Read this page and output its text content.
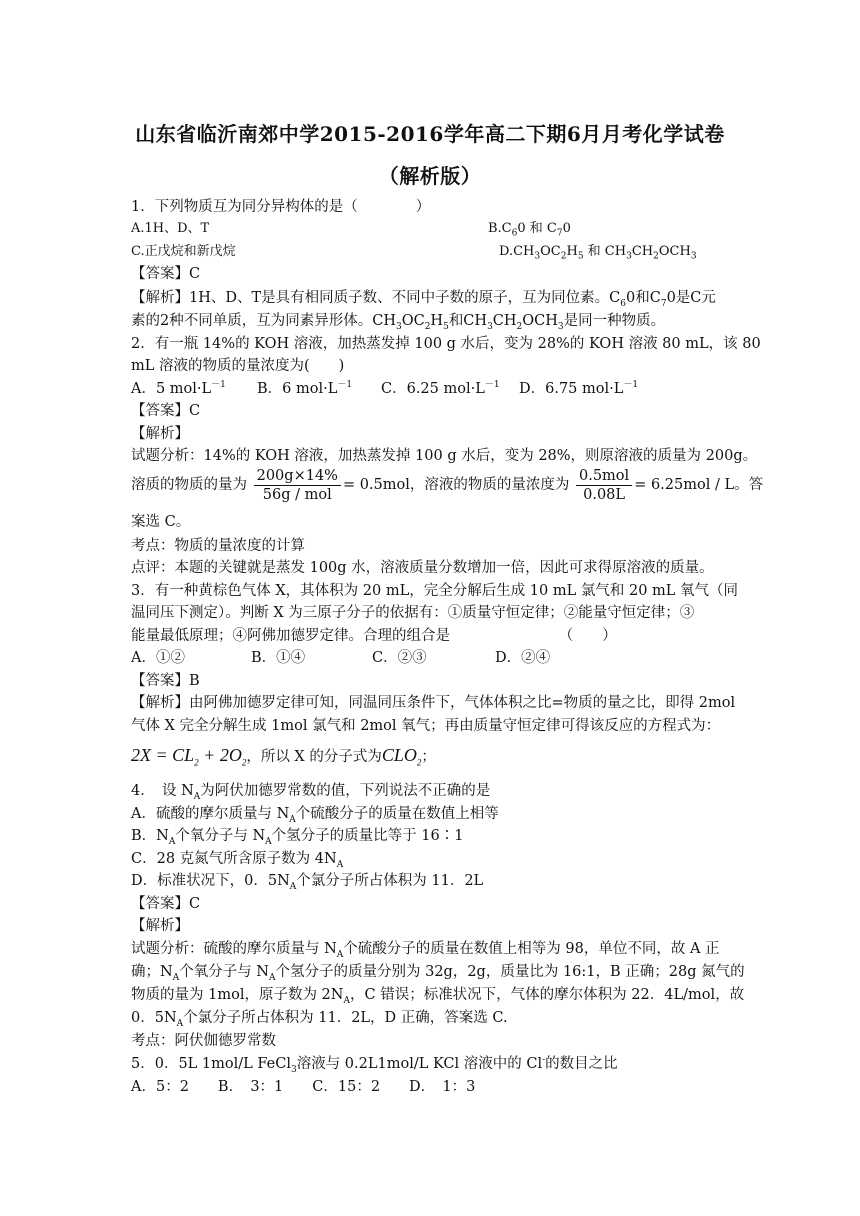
山东省临沂南郊中学2015-2016学年高二下期6月月考化学试卷
（解析版）
1．下列物质互为同分异构体的是（　　　　）
A.1H、D、T	$B.C_60$ 和 $C_70$
C.正戊烷和新戊烷	$D.CH_3OC_2H_5$ 和 $CH_3CH_2OCH_3$
【答案】C
【解析】1H、D、T是具有相同质子数、不同中子数的原子，互为同位素。$C_60$和$C_70$是C元
素的2种不同单质，互为同素异形体。$CH_3OC_2H_5$和$CH_3CH_2OCH_3$是同一种物质。
2．有一瓶 14%的 KOH 溶液，加热蒸发掉 100 g 水后，变为 28%的 KOH 溶液 80 mL，该 80
mL 溶液的物质的量浓度为(　　)
A．5 $mol\cdot L^{-1}$ B．6 $mol\cdot L^{-1}$ C．6.25 $mol\cdot L^{-1}$ D．6.75 $mol\cdot L^{-1}$
【答案】C
【解析】
试题分析：14%的 KOH 溶液，加热蒸发掉 100 g 水后，变为 28%，则原溶液的质量为 200g。
溶质的物质的量为 $\frac{200g\times 14\%}{\text{56g / mol}} = 0.5mol$，溶液的物质的量浓度为 $\frac{\text{0.5mol}}{0.08L} = 6.25mol / L$。答
案选 C。
考点：物质的量浓度的计算
点评：本题的关键就是蒸发 100g 水，溶液质量分数增加一倍，因此可求得原溶液的质量。
3．有一种黄棕色气体 X，其体积为 20 mL，完全分解后生成 10 mL 氯气和 20 mL 氧气（同
温同压下测定）。判断 X 为三原子分子的依据有：①质量守恒定律；②能量守恒定律；③
能量最低原理；④阿佛加德罗定律。合理的组合是　　　　　　　　（　　）
A．①②	B．①④	C．②③	D．②④
【答案】B
【解析】由阿佛加德罗定律可知，同温同压条件下，气体体积之比=物质的量之比，即得 2mol
气体 X 完全分解生成 1mol 氯气和 2mol 氧气；再由质量守恒定律可得该反应的方程式为：
$2X = CL_2 + 2O_2$，所以 X 的分子式为$CLO_2$；
4．　设 $N_A$为阿伏加德罗常数的值，下列说法不正确的是
A．硫酸的摩尔质量与 $N_A$个硫酸分子的质量在数值上相等
B．$N_A$个氧分子与 $N_A$个氢分子的质量比等于 16∶1
C．28 克氮气所含原子数为 $4N_A$
D．标准状况下，0．$5N_A$个氯分子所占体积为 11．2L
【答案】C
【解析】
试题分析：硫酸的摩尔质量与 $N_A$个硫酸分子的质量在数值上相等为 98，单位不同，故 A 正
确；$N_A$个氧分子与 $N_A$个氢分子的质量分别为 32g，2g，质量比为 16:1，B 正确；28g 氮气的
物质的量为 1mol，原子数为 $2N_A$，C 错误；标准状况下，气体的摩尔体积为 22．4L/mol，故
0．$5N_A$个氯分子所占体积为 11．2L，D 正确，答案选 C.
考点：阿伏伽德罗常数
5．0．5L 1mol/L FeCl$_3$溶液与 0.2L1mol/L KCl 溶液中的 Cl-的数目之比
A．5：2　　B．　3：1　　C．15：2　　D．　1：3
